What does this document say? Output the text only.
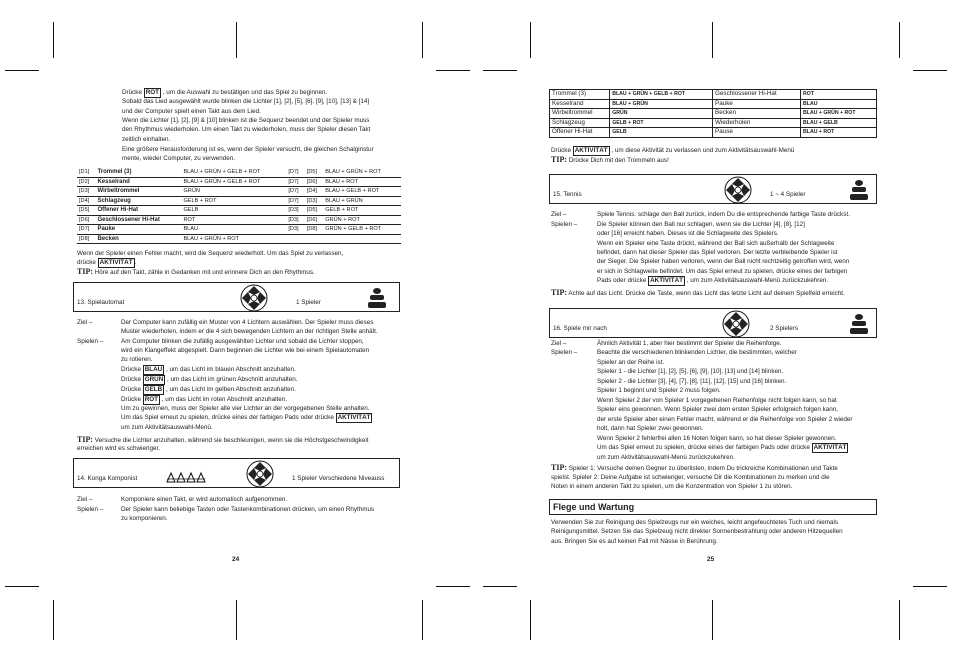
Drücke ROT , um die Auswahl zu bestätigen und das Spiel zu beginnen.
Sobald das Lied ausgewählt wurde blinken die Lichter [1], [2], [5], [6], [9], [10], [13] & [14]
und der Computer spielt einen Takt aus dem Lied.
Wenn die Lichter [1], [2], [9] & [10] blinken ist die Sequenz beendet und der Spieler muss
den Rhythmus wiederholen. Um einen Takt zu wiederholen, muss der Spieler diesen Takt
zeitlich einhalten.
Eine größere Herausforderung ist es, wenn der Spieler versucht, die gleichen Schalginstur
mente, wieder Computer, zu verwenden.
[D1]	Trommel (3)	BLAU + GRÜN + GELB + ROT	[D7]	[D5]	BLAU + GRÜN + ROT
[D2]	Kesselrand	BLAU + GRÜN + GELB + ROT	[D7]	[D6]	BLAU + ROT
[D3]	Wirbeltrommel	GRÜN	[D7]	[D4]	BLAU + GELB + ROT
[D4]	Schlagzeug	GELB + ROT	[D7]	[D3]	BLAU + GRÜN
[D5]	Offener Hi-Hat	GELB	[D3]	[D5]	GELB + ROT
[D6]	Geschlossener Hi-Hat	ROT	[D3]	[D6]	GRÜN + ROT
[D7]	Pauke	BLAU	[D3]	[D8]	GRÜN + GELB + ROT
[D8]	Becken	BLAU + GRÜN + ROT			
Wenn der Spieler einen Fehler macht, wird die Sequenz wiederholt. Um das Spiel zu verlassen,
drücke AKTIVITÄT .
TIP: Höre auf den Takt, zähle in Gedanken mit und erinnere Dich an den Rhythmus.
13. Spielautomat	1 Spieler
Ziel –	Der Computer kann zufällig ein Muster von 4 Lichtern auswählen. Der Spieler muss dieses
Muster wiederholen, indem er die 4 sich bewegenden Lichtern an der richtigen Stelle anhält.
Spielen –	Am Computer blinken die zufällig ausgewählten Lichter und sobald die Lichter stoppen,
wird ein Klangeffekt abgespielt. Dann beginnen die Lichter wie bei einem Spielautomaten
zu rotieren.
Drücke BLAU , um das Licht im blauen Abschnitt anzuhalten.
Drücke GRÜN , um das Licht im grünen Abschnitt anzuhalten.
Drücke GELB , um das Licht im gelben Abschnitt anzuhalten.
Drücke ROT , um das Licht im roten Abschnitt anzuhalten.
Um zu gewinnen, muss der Spieler alle vier Lichter an der vorgegebenen Stelle anhalten.
Um das Spiel erneut zu spielen, drücke eines der farbigen Pads oder drücke AKTIVITÄT
um zum Aktivitätsauswahl-Menü.
TIP: Versuche die Lichter anzuhalten, während sie beschleunigen, wenn sie die Höchstgeschwindigkeit
erreichen wird es schwieriger.
14. Konga Komponist	1 Spieler Verschiedene Niveauss
Ziel –	Komponiere einen Takt, er wird automatisch aufgenommen.
Spielen –	Der Spieler kann beliebige Tasten oder Tastenkombinationen drücken, um einen Rhythmus
zu komponieren.
24
Trommel (3)	BLAU + GRÜN + GELB + ROT	Geschlossener Hi-Hat	ROT
Kesselrand	BLAU + GRÜN	Pauke	BLAU
Wirbeltrommel	GRÜN	Becken	BLAU + GRÜN + ROT
Schlagzeug	GELB + ROT	Wiederholen	BLAU + GELB
Offener Hi-Hat	GELB	Pause	BLAU + ROT
Drücke AKTIVITÄT , um diese Aktivität zu verlassen und zum Aktivitätsauswahl-Menü
TIP: Drücke Dich mit den Trommeln aus!
15. Tennis	1 ~ 4 Spieler
Ziel –	Spiele Tennis: schlage den Ball zurück, indem Du die entsprechende farbige Taste drückst.
Spielen –	Die Spieler können den Ball nur schlagen, wenn sie die Lichter [4], [8], [12]
oder [16] erreicht haben. Dieses ist die Schlagweite des Spielers.
Wenn ein Spieler eine Taste drückt, während der Ball sich außerhalb der Schlagweite
befindet, dann hat dieser Spieler das Spiel verloren. Der letzte verbleibende Spieler ist
der Sieger. Die Spieler haben verloren, wenn der Ball nicht rechtzeitig getroffen wird, wenn
er sich in Schlagweite befindet. Um das Spiel erneut zu spielen, drücke eines der farbigen
Pads oder drücke AKTIVITÄT , um zum Aktivitätsauswahl-Menü zurückzukehren.
TIP: Achte auf das Licht. Drücke die Taste, wenn das Licht das letzte Licht auf deinem Spielfeld erreicht.
16. Spiele mir nach	2 Spielers
Ziel –	Ähnlich Aktivität 1, aber hier bestimmt der Spieler die Reihenfolge.
Spielen –	Beachte die verschiedenen blinkenden Lichter, die bestimmten, welcher
Spieler an der Reihe ist.
Spieler 1 - die Lichter [1], [2], [5], [6], [9], [10], [13] und [14] blinken.
Spieler 2 - die Lichter [3], [4], [7], [8], [11], [12], [15] und [16] blinken.
Spieler 1 beginnt und Spieler 2 muss folgen.
Wenn Spieler 2 der von Spieler 1 vorgegebenen Reihenfolge nicht folgen kann, so hat
Spieler eins gewonnen. Wenn Spieler zwei dem ersten Spieler erfolgreich folgen kann,
der erste Spieler aber einen Fehler macht, während er die Reihenfolge von Spieler 2 wieder
holt, dann hat Spieler zwei gewonnen.
Wenn Spieler 2 fehlerfrei allen 16 Noten folgen kann, so hat dieser Spieler gewonnen.
Um das Spiel erneut zu spielen, drücke eines der farbigen Pads oder drücke AKTIVITÄT
um zum Aktivitätsauswahl-Menü zurückzukehren.
TIP: Spieler 1: Versuche deinen Gegner zu überlisten, indem Du trickreiche Kombinationen und Takte
spielst. Spieler 2: Deine Aufgabe ist schwieriger, versuche Dir die Kombinationen zu merken und die
Noten in einem anderen Takt zu spielen, um die Konzentration von Spieler 1 zu stören.
Flege und Wartung
Verwenden Sie zur Reinigung des Spielzeugs nur ein weiches, leicht angefeuchtetes Tuch und niemals
Reinigungsmittel. Setzen Sie das Spielzeug nicht direkter Sonnenbestrahlung oder anderen Hitzequellen
aus. Bringen Sie es auf keinen Fall mit Nässe in Berührung.
25
